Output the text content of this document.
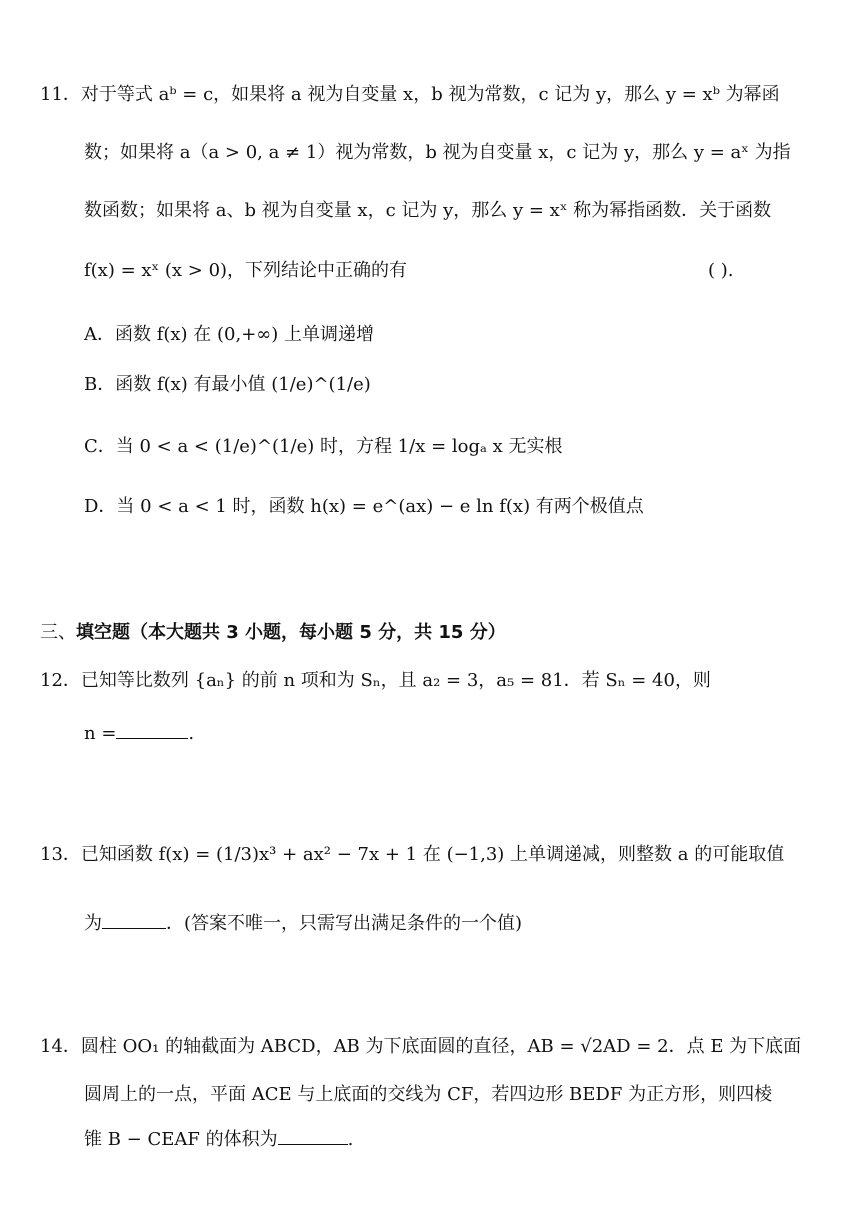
11．对于等式 aᵇ = c，如果将 a 视为自变量 x，b 视为常数，c 记为 y，那么 y = xᵇ 为幂函
数；如果将 a（a > 0, a ≠ 1）视为常数，b 视为自变量 x，c 记为 y，那么 y = aˣ 为指
数函数；如果将 a、b 视为自变量 x，c 记为 y，那么 y = xˣ 称为幂指函数．关于函数
f(x) = xˣ (x > 0)，下列结论中正确的有	( ).
A．函数 f(x) 在 (0,+∞) 上单调递增
B．函数 f(x) 有最小值 (1/e)^(1/e)
C．当 0 < a < (1/e)^(1/e) 时，方程 1/x = logₐ x 无实根
D．当 0 < a < 1 时，函数 h(x) = e^(ax) − e ln f(x) 有两个极值点
三、填空题（本大题共 3 小题，每小题 5 分，共 15 分）
12．已知等比数列 {aₙ} 的前 n 项和为 Sₙ，且 a₂ = 3，a₅ = 81．若 Sₙ = 40，则
n =	.
13．已知函数 f(x) = (1/3)x³ + ax² − 7x + 1 在 (−1,3) 上单调递减，则整数 a 的可能取值
为	．(答案不唯一，只需写出满足条件的一个值)
14．圆柱 OO₁ 的轴截面为 ABCD，AB 为下底面圆的直径，AB = √2AD = 2．点 E 为下底面
圆周上的一点，平面 ACE 与上底面的交线为 CF，若四边形 BEDF 为正方形，则四棱
锥 B − CEAF 的体积为	.
